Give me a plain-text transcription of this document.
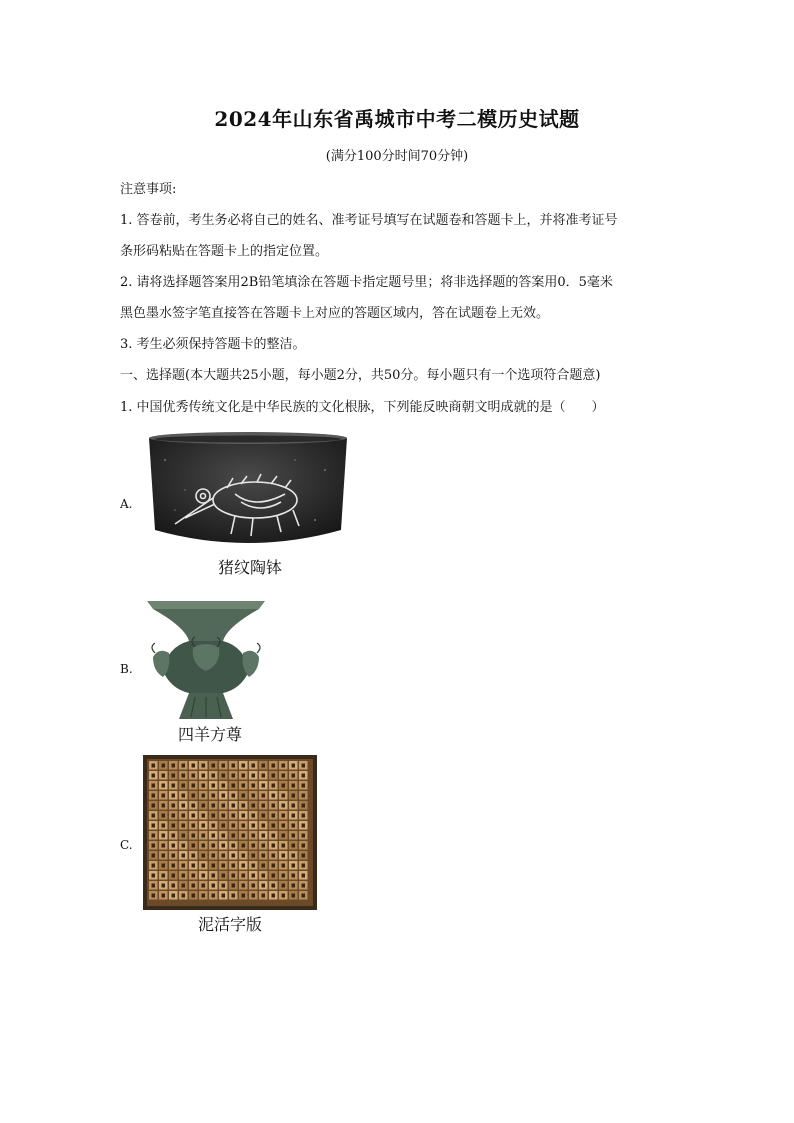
2024年山东省禹城市中考二模历史试题
(满分100分时间70分钟)
注意事项:
1. 答卷前，考生务必将自己的姓名、准考证号填写在试题卷和答题卡上，并将准考证号
条形码粘贴在答题卡上的指定位置。
2. 请将选择题答案用2B铅笔填涂在答题卡指定题号里；将非选择题的答案用0．5毫米
黑色墨水签字笔直接答在答题卡上对应的答题区域内，答在试题卷上无效。
3. 考生必须保持答题卡的整洁。
一、选择题(本大题共25小题，每小题2分，共50分。每小题只有一个选项符合题意)
1. 中国优秀传统文化是中华民族的文化根脉，下列能反映商朝文明成就的是（　　）
A.
猪纹陶钵
B.
四羊方尊
C.
泥活字版
